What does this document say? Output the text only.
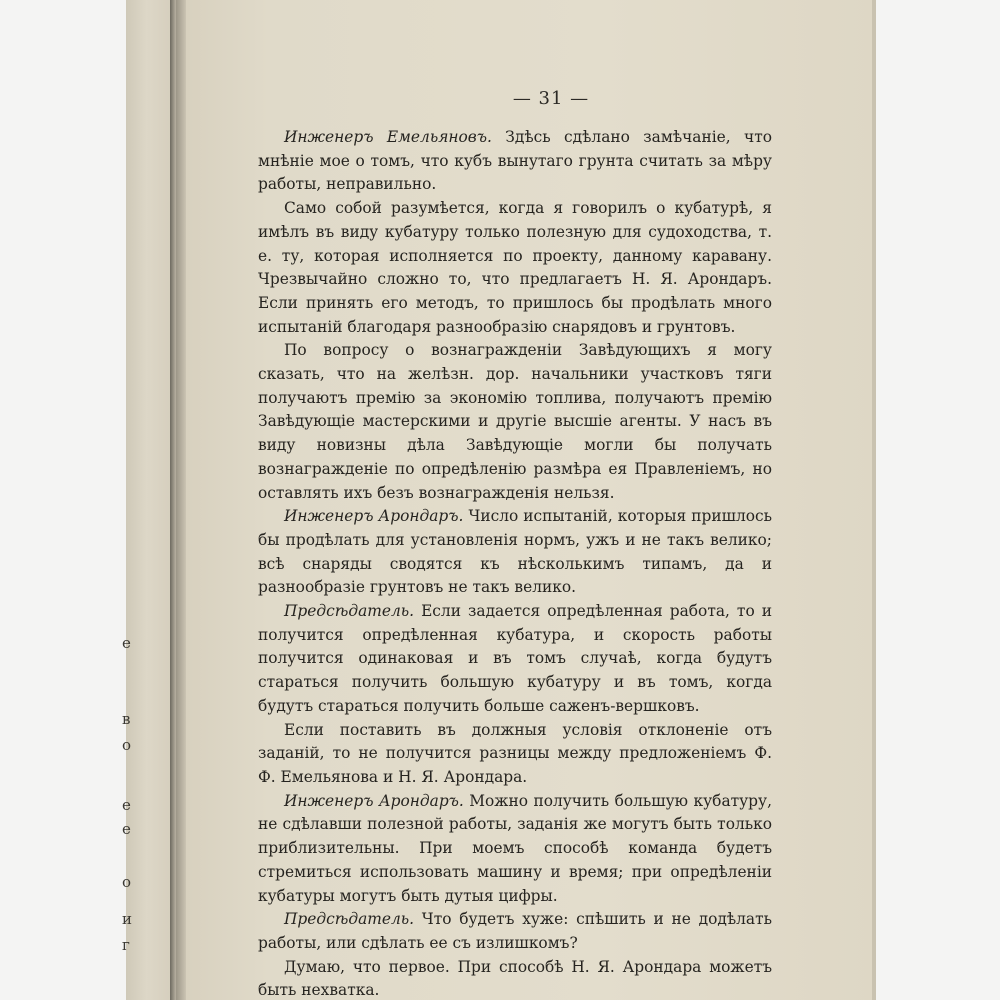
е
в
о
е
е
о
и
г
— 31 —

Инженеръ Емельяновъ. Здѣсь сдѣлано замѣчаніе, что мнѣніе мое о томъ, что кубъ вынутаго грунта считать за мѣру работы, неправильно.

Само собой разумѣется, когда я говорилъ о кубатурѣ, я имѣлъ въ виду кубатуру только полезную для судоходства, т. е. ту, которая исполняется по проекту, данному каравану. Чрезвычайно сложно то, что предлагаетъ Н. Я. Арондаръ. Если принять его методъ, то пришлось бы продѣлать много испытаній благодаря разнообразію снарядовъ и грунтовъ.

По вопросу о вознагражденіи Завѣдующихъ я могу сказать, что на желѣзн. дор. начальники участковъ тяги получаютъ премію за экономію топлива, получаютъ премію Завѣдующіе мастерскими и другіе высшіе агенты. У насъ въ виду новизны дѣла Завѣдующіе могли бы получать вознагражденіе по опредѣленію размѣра ея Правленіемъ, но оставлять ихъ безъ вознагражденія нельзя.

Инженеръ Арондаръ. Число испытаній, которыя пришлось бы продѣлать для установленія нормъ, ужъ и не такъ велико; всѣ снаряды сводятся къ нѣсколькимъ типамъ, да и разнообразіе грунтовъ не такъ велико.

Предсѣдатель. Если задается опредѣленная работа, то и получится опредѣленная кубатура, и скорость работы получится одинаковая и въ томъ случаѣ, когда будутъ стараться получить большую кубатуру и въ томъ, когда будутъ стараться получить больше саженъ-вершковъ.

Если поставить въ должныя условія отклоненіе отъ заданій, то не получится разницы между предложеніемъ Ф. Ф. Емельянова и Н. Я. Арондара.

Инженеръ Арондаръ. Можно получить большую кубатуру, не сдѣлавши полезной работы, заданія же могутъ быть только приблизительны. При моемъ способѣ команда будетъ стремиться использовать машину и время; при опредѣленіи кубатуры могутъ быть дутыя цифры.

Предсѣдатель. Что будетъ хуже: спѣшить и не додѣлать работы, или сдѣлать ее съ излишкомъ?

Думаю, что первое. При способѣ Н. Я. Арондара можетъ быть нехватка.
